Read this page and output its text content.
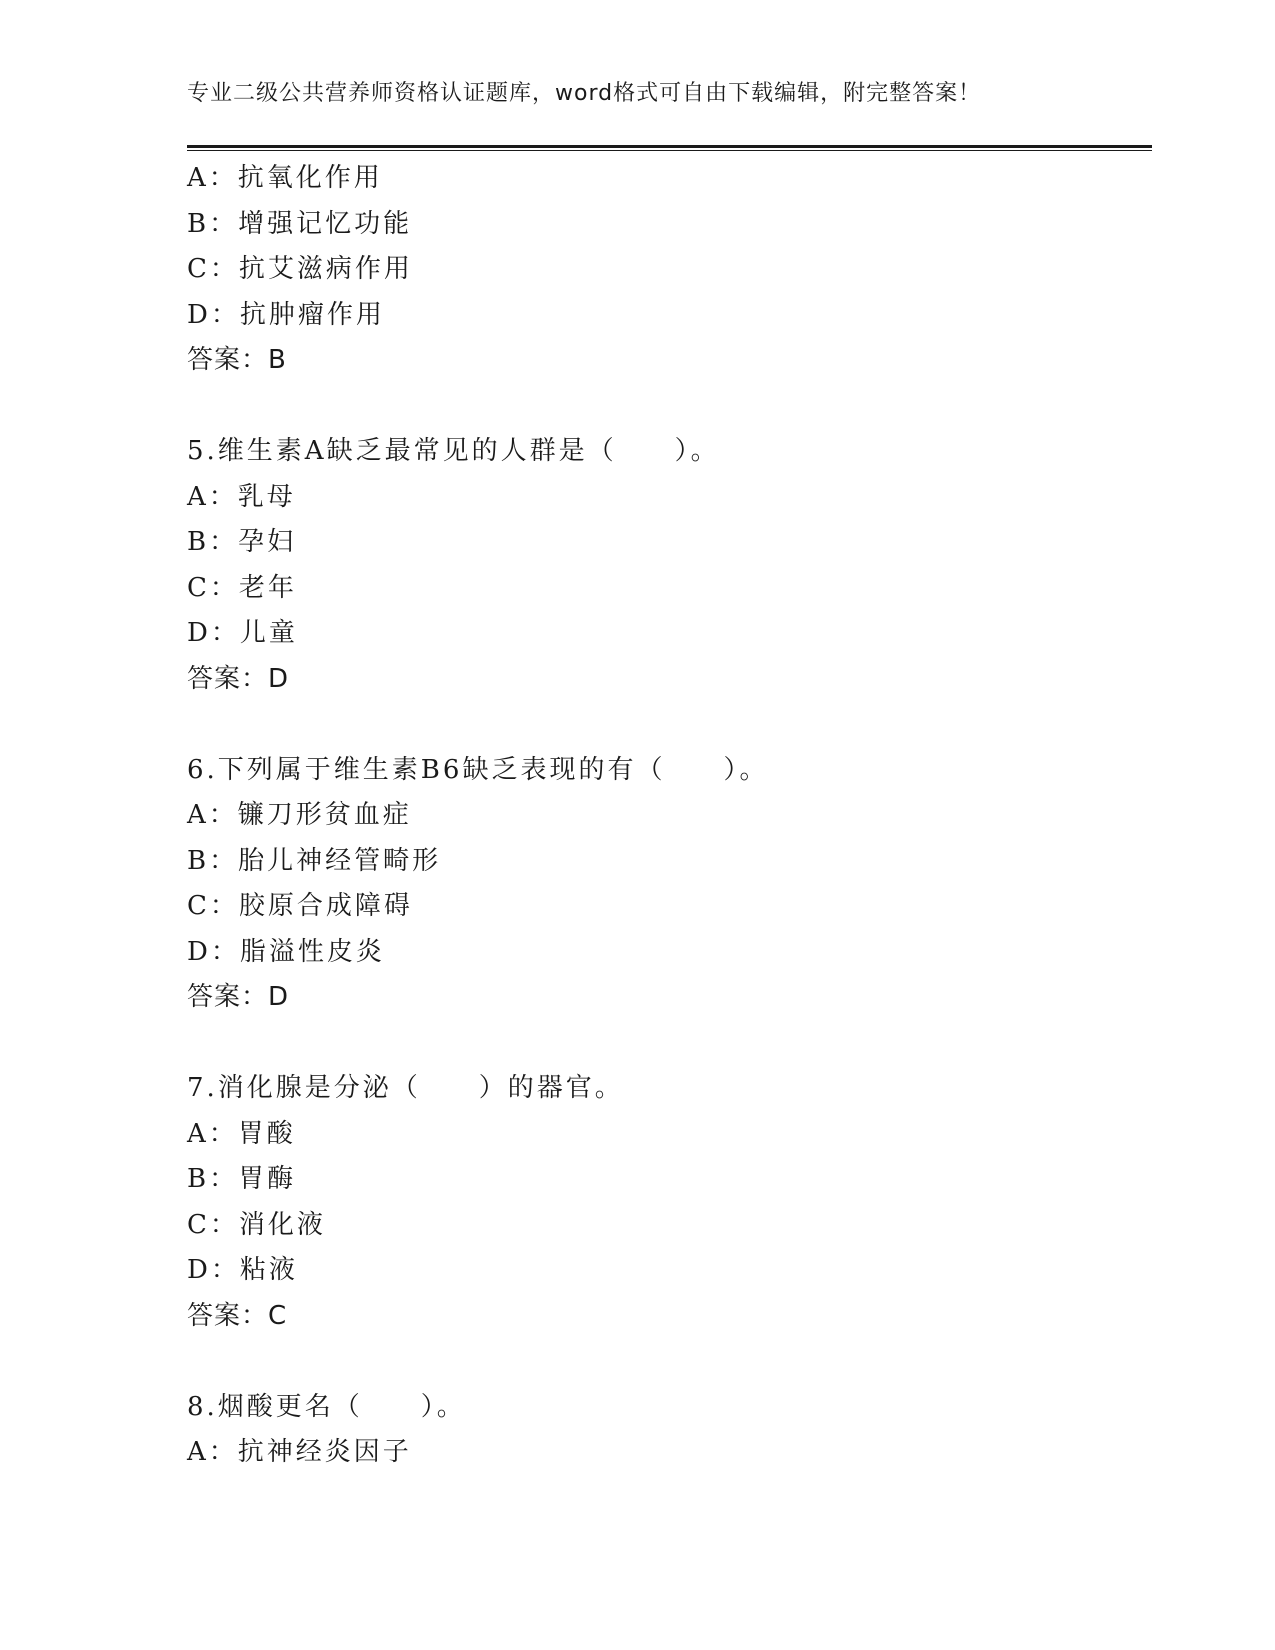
专业二级公共营养师资格认证题库，word格式可自由下载编辑，附完整答案！
A：抗氧化作用
B：增强记忆功能
C：抗艾滋病作用
D：抗肿瘤作用
答案：B
5.维生素A缺乏最常见的人群是（　　）。
A：乳母
B：孕妇
C：老年
D：儿童
答案：D
6.下列属于维生素B6缺乏表现的有（　　）。
A：镰刀形贫血症
B：胎儿神经管畸形
C：胶原合成障碍
D：脂溢性皮炎
答案：D
7.消化腺是分泌（　　）的器官。
A：胃酸
B：胃酶
C：消化液
D：粘液
答案：C
8.烟酸更名（　　）。
A：抗神经炎因子
